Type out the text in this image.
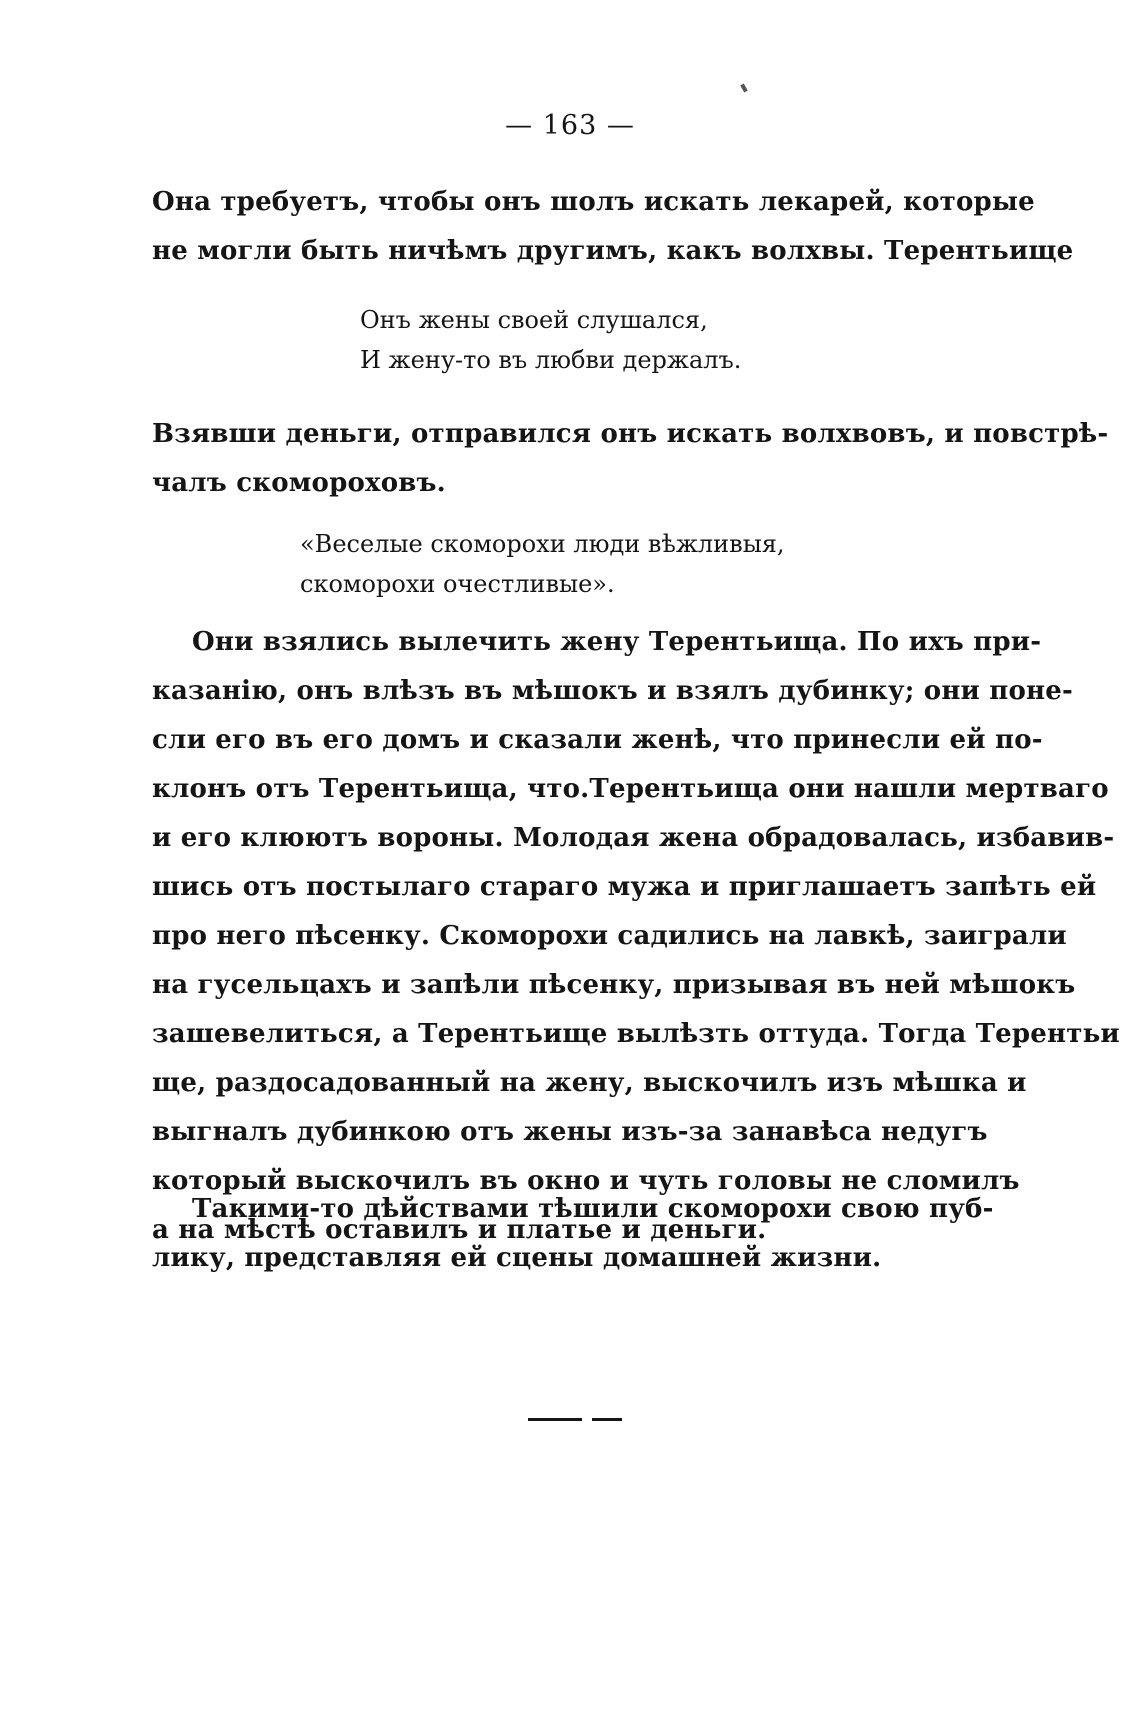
— 163 —
Она требуетъ, чтобы онъ шолъ искать лекарей, которые
не могли быть ничѣмъ другимъ, какъ волхвы. Терентьище
Онъ жены своей слушался,
И жену-то въ любви держалъ.
Взявши деньги, отправился онъ искать волхвовъ, и повстрѣ-
чалъ скомороховъ.
«Веселые скоморохи люди вѣжливыя,
скоморохи очестливые».
Они взялись вылечить жену Терентьища. По ихъ при-
казанію, онъ влѣзъ въ мѣшокъ и взялъ дубинку; они поне-
сли его въ его домъ и сказали женѣ, что принесли ей по-
клонъ отъ Терентьища, что.Терентьища они нашли мертваго
и его клюютъ вороны. Молодая жена обрадовалась, избавив-
шись отъ постылаго стараго мужа и приглашаетъ запѣть ей
про него пѣсенку. Скоморохи садились на лавкѣ, заиграли
на гусельцахъ и запѣли пѣсенку, призывая въ ней мѣшокъ
зашевелиться, а Терентьище вылѣзть оттуда. Тогда Терентьи
ще, раздосадованный на жену, выскочилъ изъ мѣшка и
выгналъ дубинкою отъ жены изъ-за занавѣса недугъ
который выскочилъ въ окно и чуть головы не сломилъ
а на мѣстѣ оставилъ и платье и деньги.
Такими-то дѣйствами тѣшили скоморохи свою пуб-
лику, представляя ей сцены домашней жизни.
